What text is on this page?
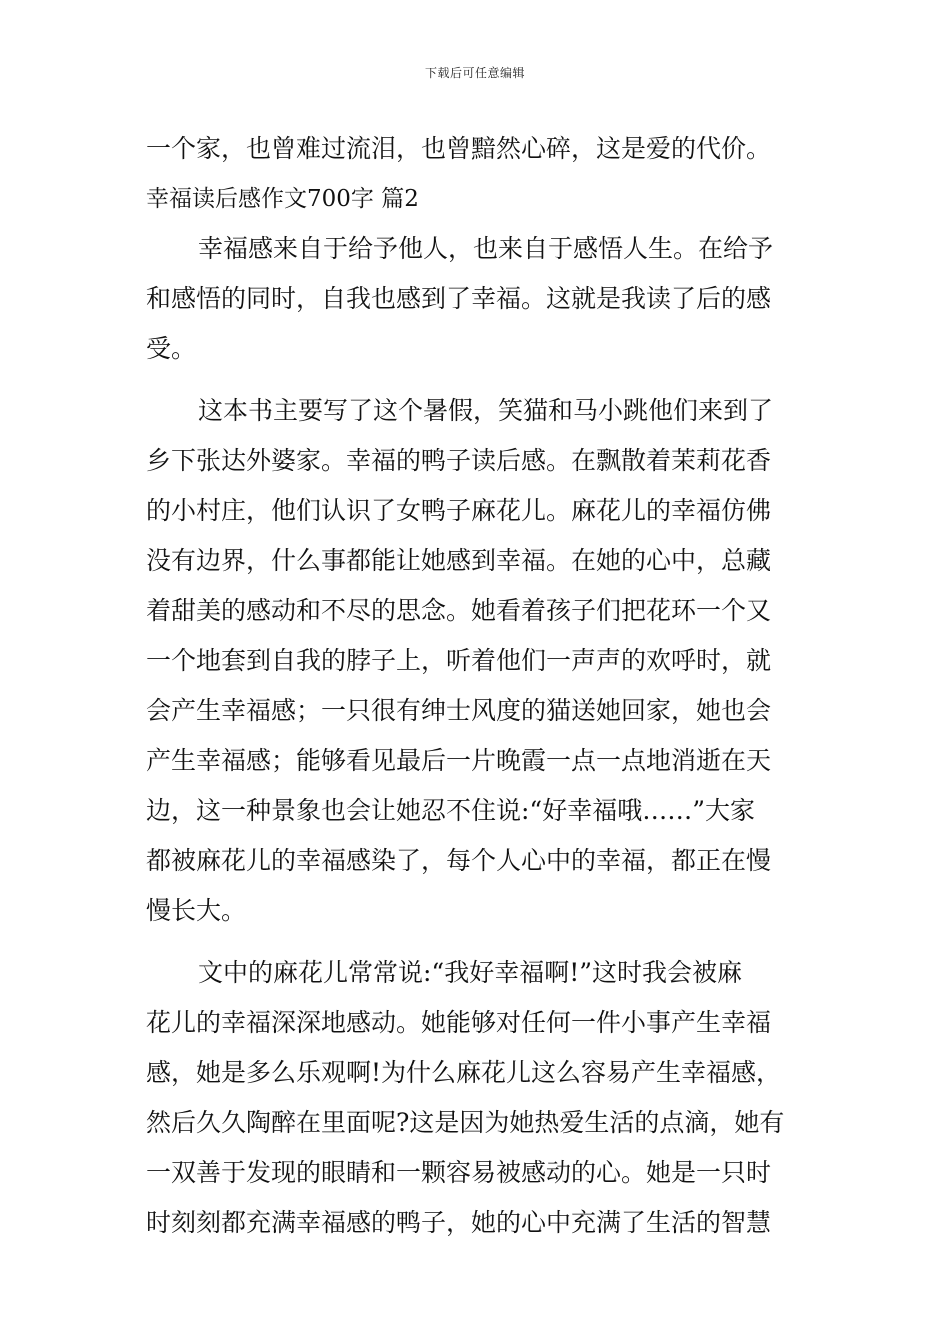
下载后可任意编辑
一个家，也曾难过流泪，也曾黯然心碎，这是爱的代价。
幸福读后感作文700字 篇2
幸福感来自于给予他人，也来自于感悟人生。在给予
和感悟的同时，自我也感到了幸福。这就是我读了后的感
受。
这本书主要写了这个暑假，笑猫和马小跳他们来到了
乡下张达外婆家。幸福的鸭子读后感。在飘散着茉莉花香
的小村庄，他们认识了女鸭子麻花儿。麻花儿的幸福仿佛
没有边界，什么事都能让她感到幸福。在她的心中，总藏
着甜美的感动和不尽的思念。她看着孩子们把花环一个又
一个地套到自我的脖子上，听着他们一声声的欢呼时，就
会产生幸福感；一只很有绅士风度的猫送她回家，她也会
产生幸福感；能够看见最后一片晚霞一点一点地消逝在天
边，这一种景象也会让她忍不住说:“好幸福哦……”大家
都被麻花儿的幸福感染了，每个人心中的幸福，都正在慢
慢长大。
文中的麻花儿常常说:“我好幸福啊!”这时我会被麻
花儿的幸福深深地感动。她能够对任何一件小事产生幸福
感，她是多么乐观啊!为什么麻花儿这么容易产生幸福感，
然后久久陶醉在里面呢?这是因为她热爱生活的点滴，她有
一双善于发现的眼睛和一颗容易被感动的心。她是一只时
时刻刻都充满幸福感的鸭子，她的心中充满了生活的智慧
